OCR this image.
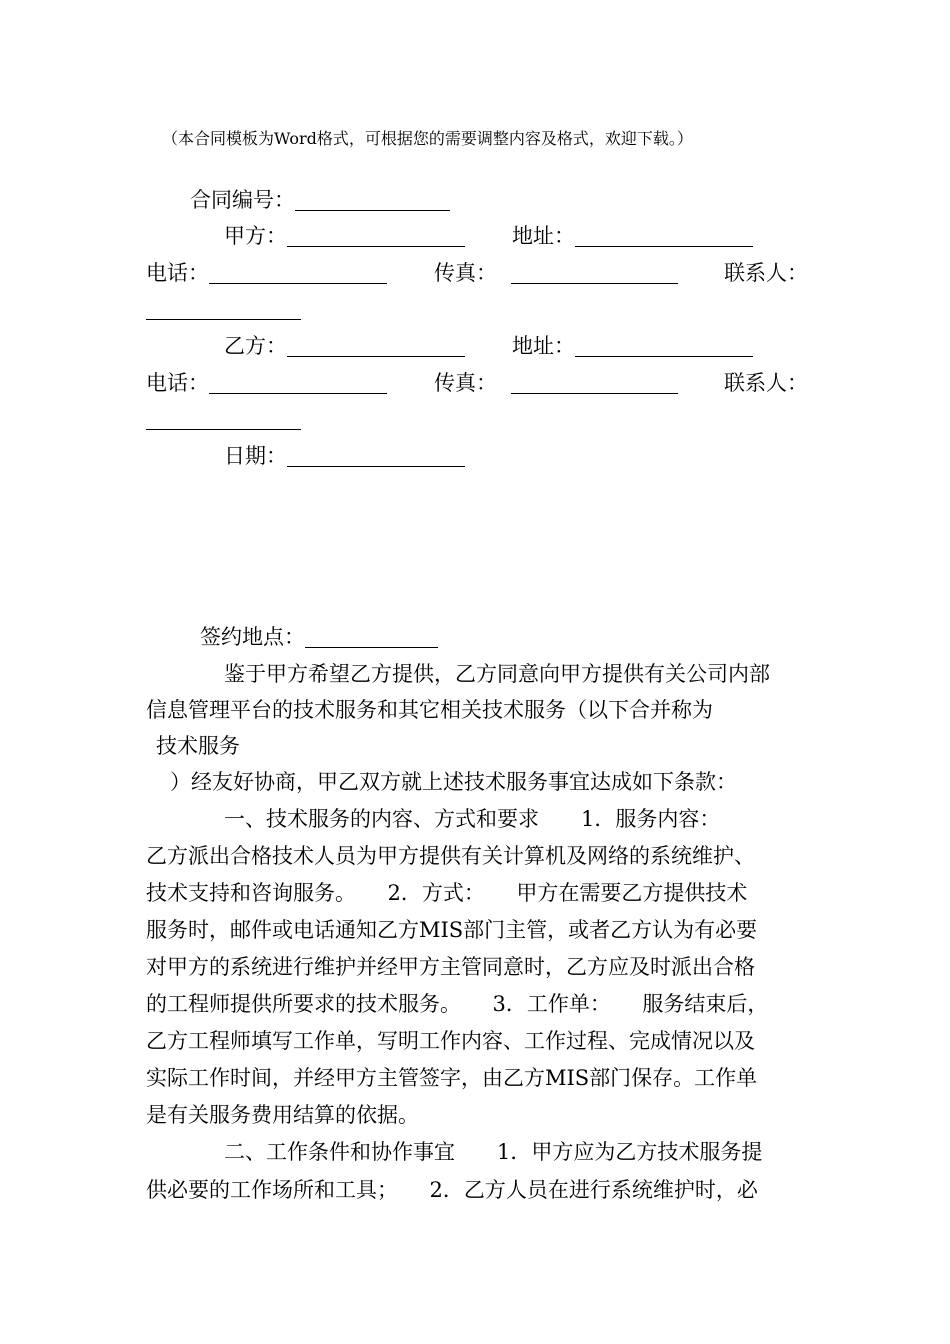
（本合同模板为Word格式，可根据您的需要调整内容及格式，欢迎下载。）
合同编号：
甲方：	地址：
电话：	传真：	联系人：
乙方：	地址：
电话：	传真：	联系人：
日期：
签约地点：
鉴于甲方希望乙方提供，乙方同意向甲方提供有关公司内部
信息管理平台的技术服务和其它相关技术服务（以下合并称为
技术服务
）经友好协商，甲乙双方就上述技术服务事宜达成如下条款：
一、技术服务的内容、方式和要求　　1．服务内容：
乙方派出合格技术人员为甲方提供有关计算机及网络的系统维护、
技术支持和咨询服务。　　2．方式：　　甲方在需要乙方提供技术
服务时，邮件或电话通知乙方MIS部门主管，或者乙方认为有必要
对甲方的系统进行维护并经甲方主管同意时，乙方应及时派出合格
的工程师提供所要求的技术服务。　　3．工作单：　　服务结束后，
乙方工程师填写工作单，写明工作内容、工作过程、完成情况以及
实际工作时间，并经甲方主管签字，由乙方MIS部门保存。工作单
是有关服务费用结算的依据。
二、工作条件和协作事宜　　1．甲方应为乙方技术服务提
供必要的工作场所和工具；　　2．乙方人员在进行系统维护时，必
